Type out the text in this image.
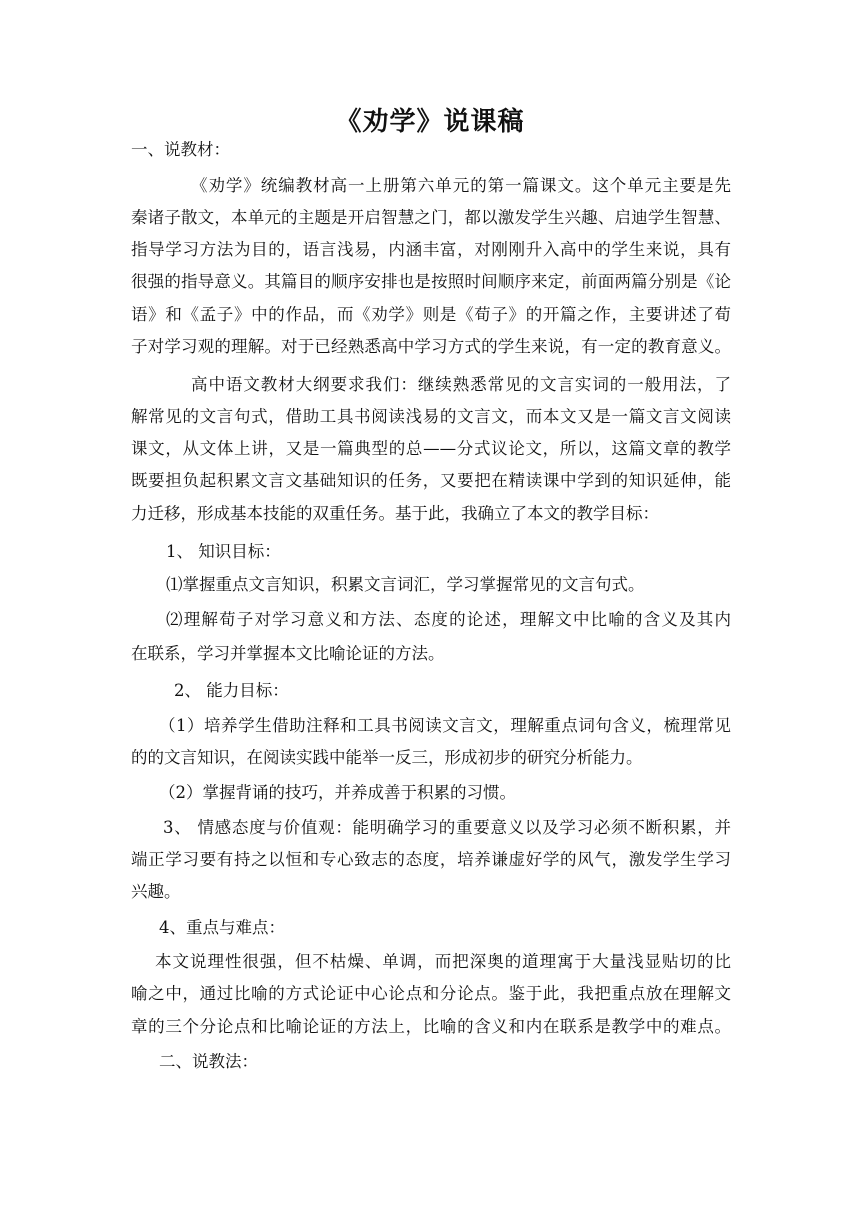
《劝学》说课稿
一、说教材：
《劝学》统编教材高一上册第六单元的第一篇课文。这个单元主要是先
秦诸子散文，本单元的主题是开启智慧之门，都以激发学生兴趣、启迪学生智慧、
指导学习方法为目的，语言浅易，内涵丰富，对刚刚升入高中的学生来说，具有
很强的指导意义。其篇目的顺序安排也是按照时间顺序来定，前面两篇分别是《论
语》和《孟子》中的作品，而《劝学》则是《荀子》的开篇之作，主要讲述了荀
子对学习观的理解。对于已经熟悉高中学习方式的学生来说，有一定的教育意义。
高中语文教材大纲要求我们：继续熟悉常见的文言实词的一般用法，了
解常见的文言句式，借助工具书阅读浅易的文言文，而本文又是一篇文言文阅读
课文，从文体上讲，又是一篇典型的总——分式议论文，所以，这篇文章的教学
既要担负起积累文言文基础知识的任务，又要把在精读课中学到的知识延伸，能
力迁移，形成基本技能的双重任务。基于此，我确立了本文的教学目标：
1、 知识目标：
⑴掌握重点文言知识，积累文言词汇，学习掌握常见的文言句式。
⑵理解荀子对学习意义和方法、态度的论述，理解文中比喻的含义及其内
在联系，学习并掌握本文比喻论证的方法。
2、 能力目标：
（1）培养学生借助注释和工具书阅读文言文，理解重点词句含义，梳理常见
的的文言知识，在阅读实践中能举一反三，形成初步的研究分析能力。
（2）掌握背诵的技巧，并养成善于积累的习惯。
3、 情感态度与价值观：能明确学习的重要意义以及学习必须不断积累，并
端正学习要有持之以恒和专心致志的态度，培养谦虚好学的风气，激发学生学习
兴趣。
4、重点与难点：
本文说理性很强，但不枯燥、单调，而把深奥的道理寓于大量浅显贴切的比
喻之中，通过比喻的方式论证中心论点和分论点。鉴于此，我把重点放在理解文
章的三个分论点和比喻论证的方法上，比喻的含义和内在联系是教学中的难点。
二、说教法：
